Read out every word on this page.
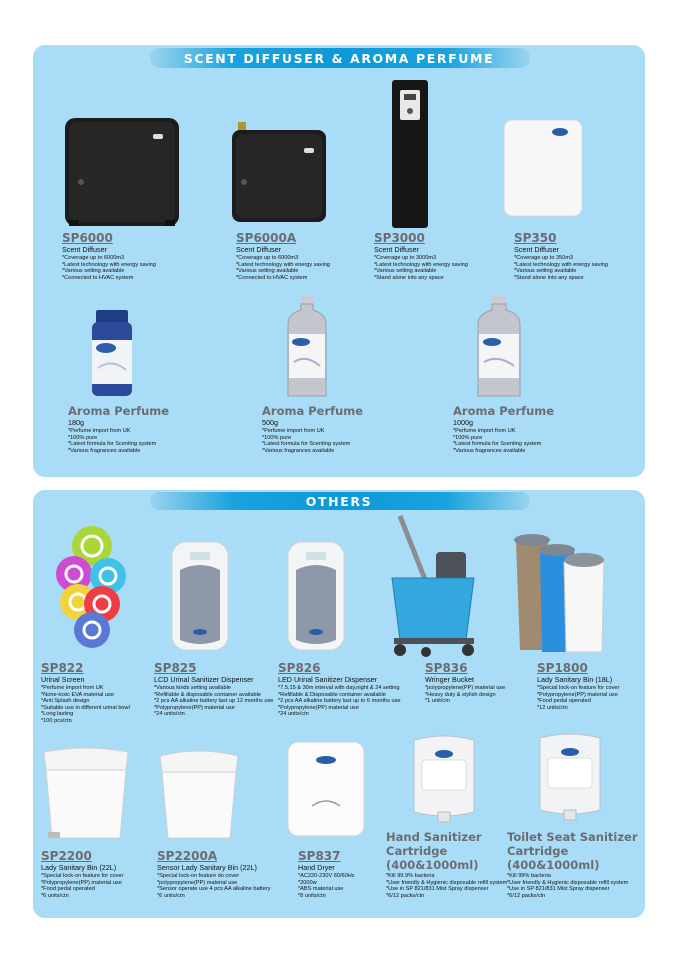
SCENT DIFFUSER & AROMA PERFUME
SP6000
Scent Diffuser
*Coverage up to 6000m3
*Latest technology with energy saving
*Various setting available
*Connected to HVAC system
SP6000A
Scent Diffuser
*Coverage up to 6000m3
*Latest technology with energy saving
*Various setting available
*Connected to HVAC system
SP3000
Scent Diffuser
*Coverage up to 3000m3
*Latest technology with energy saving
*Various setting available
*Stand alone into any space
SP350
Scent Diffuser
*Coverage up to 350m3
*Latest technology with energy saving
*Various setting available
*Stand alone into any space
Aroma Perfume
180g
*Perfume import from UK
*100% pure
*Latest formula for Scenting system
*Various fragrances available
Aroma Perfume
500g
*Perfume import from UK
*100% pure
*Latest formula for Scenting system
*Various fragrances available
Aroma Perfume
1000g
*Perfume import from UK
*100% pure
*Latest formula for Scenting system
*Various fragrances available
OTHERS
SP822
Urinal Screen
*Perfume import from UK
*None-toxic EVA material use
*Anti Splash design
*Suitable use in different urinal bowl
*Long lasting
*100 pcs/ctn
SP825
LCD Urinal Sanitizer Dispenser
*Various kinds setting available
*Refillable & disposable container available
*2 pcs AA alkaline battery last up 12 months use
*Polypropylene(PP) material use
*24 units/ctn
SP826
LED Urinal Sanitizer Dispenser
*7.5,15 & 30m interval with day,night & 24 setting
*Refillable & Disposable container available
*2 pcs AA alkaline battery last up to 6 months use
*Polypropylene(PP) material use
*24 units/ctn
SP836
Wringer Bucket
*polypropylene(PP) material use
*Heavy duty & stylish design
*1 unit/ctn
SP1800
Lady Sanitary Bin (18L)
*Special lock-on feature for cover
*Polypropylene(PP) material use
*Food pedal operated
*12 units/ctn
SP2200
Lady Sanitary Bin (22L)
*Special lock-on feature for cover
*Polypropylene(PP) material use
*Food pedal operated
*6 units/ctn
SP2200A
Sensor Lady Sanitary Bin (22L)
*Special lock-on feature do cover
*polypropylene(PP) material use
*Sensor operate use 4 pcs AA alkaline battery
*6 units/ctn
SP837
Hand Dryer
*AC220-230V 60/60Hz
*2000w
*ABS material use
*8 units/ctn
Hand Sanitizer Cartridge (400&1000ml)
*Kill 99.9% bacteria
*User friendly & Hygienic disposable refill system
*Use in SP 821/831 Mist Spray dispenser
*6/12 packs/ctn
Toilet Seat Sanitizer Cartridge (400&1000ml)
*Kill 99% bacteria
*User friendly & Hygienic disposable refill system
*Use in SP 821/831 Mist Spray dispenser
*6/12 packs/ctn
